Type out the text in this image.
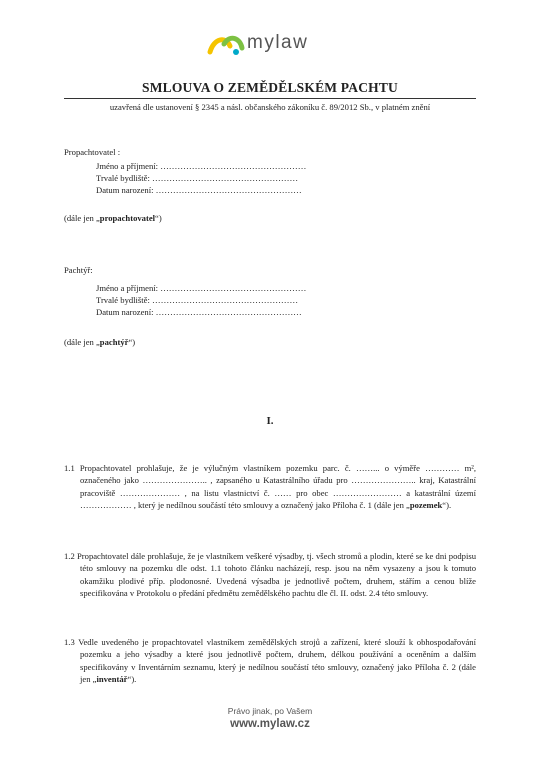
mylaw
SMLOUVA O ZEMĚDĚLSKÉM PACHTU
uzavřená dle ustanovení § 2345 a násl. občanského zákoníku č. 89/2012 Sb., v platném znění
Propachtovatel :
Jméno a příjmení: ……………………………………………
Trvalé bydliště: ……………………………………………
Datum narození: ……………………………………………
(dále jen „propachtovatel“)
Pachtýř:
Jméno a příjmení: ……………………………………………
Trvalé bydliště: ……………………………………………
Datum narození: ……………………………………………
(dále jen „pachtýř“)
I.
1.1 Propachtovatel prohlašuje, že je výlučným vlastníkem pozemku parc. č. ……... o výměře ………… m², označeného jako ………………….. , zapsaného u Katastrálního úřadu pro ………………….. kraj, Katastrální pracoviště ………………… , na listu vlastnictví č. …… pro obec …………………… a katastrální území ……………… , který je nedílnou součástí této smlouvy a označený jako Příloha č. 1 (dále jen „pozemek“).
1.2 Propachtovatel dále prohlašuje, že je vlastníkem veškeré výsadby, tj. všech stromů a plodin, které se ke dni podpisu této smlouvy na pozemku dle odst. 1.1 tohoto článku nacházejí, resp. jsou na něm vysazeny a jsou k tomuto okamžiku plodivé příp. plodonosné. Uvedená výsadba je jednotlivě počtem, druhem, stářím a cenou blíže specifikována v Protokolu o předání předmětu zemědělského pachtu dle čl. II. odst. 2.4 této smlouvy.
1.3 Vedle uvedeného je propachtovatel vlastníkem zemědělských strojů a zařízení, které slouží k obhospodařování pozemku a jeho výsadby a které jsou jednotlivě počtem, druhem, délkou používání a oceněním a dalším specifikovány v Inventárním seznamu, který je nedílnou součástí této smlouvy, označený jako Příloha č. 2 (dále jen „inventář“).
Právo jinak, po Vašem
www.mylaw.cz
